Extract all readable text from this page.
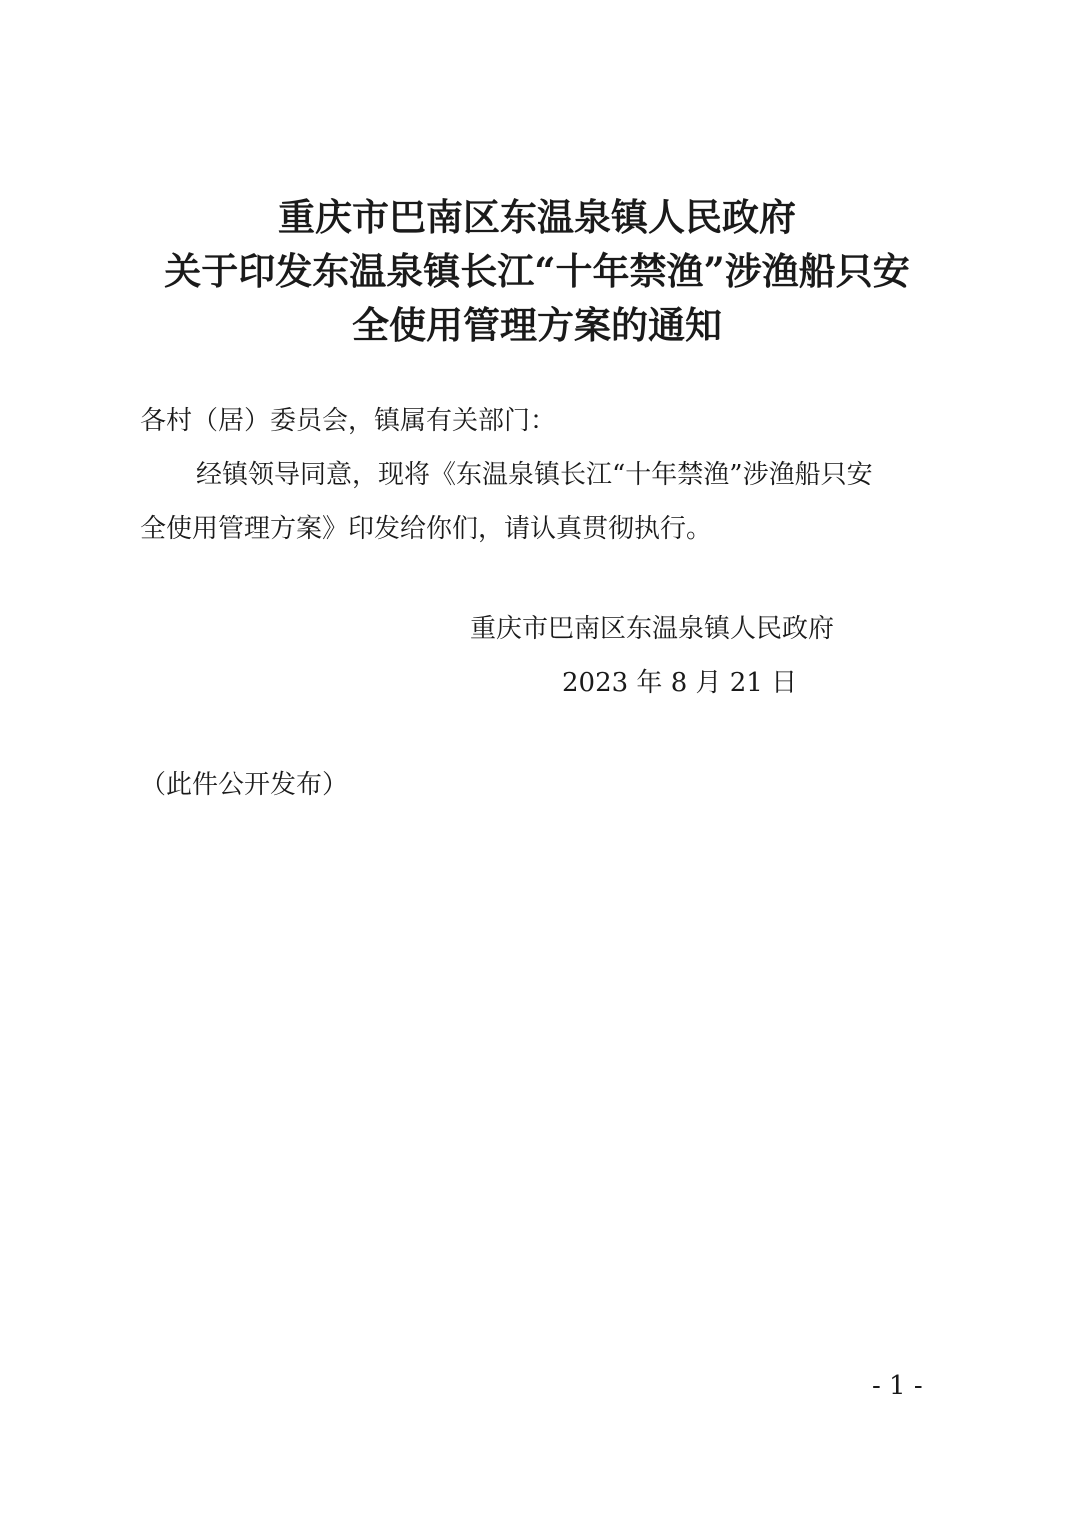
重庆市巴南区东温泉镇人民政府
关于印发东温泉镇长江“十年禁渔”涉渔船只安
全使用管理方案的通知
各村（居）委员会，镇属有关部门：
经镇领导同意，现将《东温泉镇长江“十年禁渔”涉渔船只安
全使用管理方案》印发给你们，请认真贯彻执行。
重庆市巴南区东温泉镇人民政府
2023 年 8 月 21 日
（此件公开发布）
- 1 -
